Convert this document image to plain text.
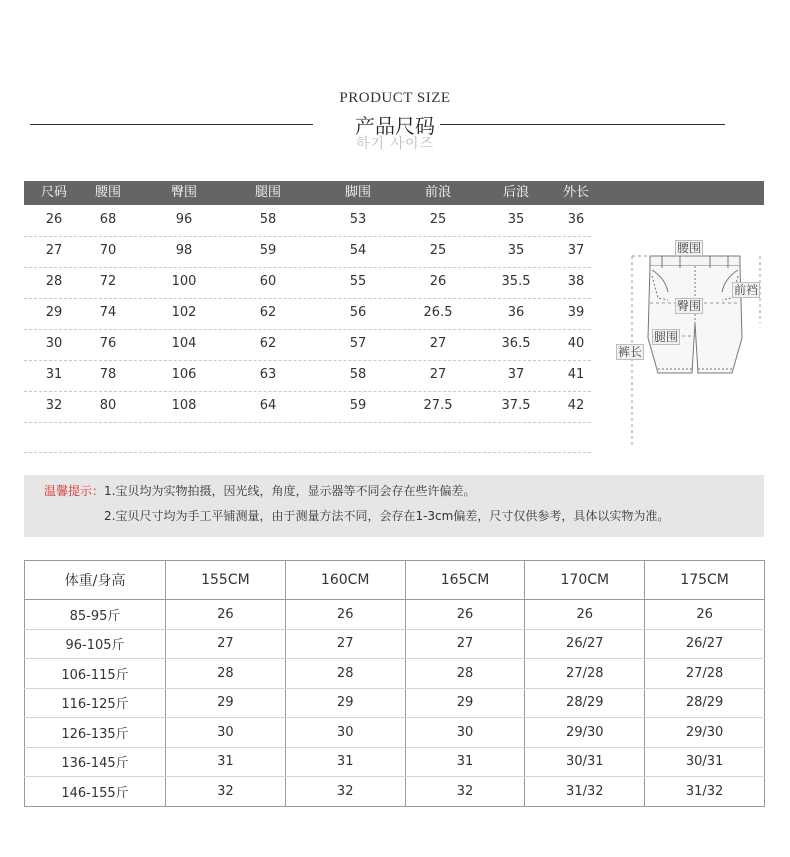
PRODUCT SIZE
产品尺码
하기 사이즈
尺码 腰围	臀围	腿围	脚围	前浪	后浪	外长
26	68	96	58	53	25	35	36
27	70	98	59	54	25	35	37
28	72	100	60	55	26	35.5	38
29	74	102	62	56	26.5	36	39
30	76	104	62	57	27	36.5	40
31	78	106	63	58	27	37	41
32	80	108	64	59	27.5	37.5	42
腰围
前裆
臀围
腿围
裤长
温馨提示：1.宝贝均为实物拍摄，因光线，角度，显示器等不同会存在些许偏差。
2.宝贝尺寸均为手工平铺测量，由于测量方法不同，会存在1-3cm偏差，尺寸仅供参考，具体以实物为准。
体重/身高	155CM	160CM	165CM	170CM	175CM
85-95斤	26	26	26	26	26
96-105斤	27	27	27	26/27	26/27
106-115斤	28	28	28	27/28	27/28
116-125斤	29	29	29	28/29	28/29
126-135斤	30	30	30	29/30	29/30
136-145斤	31	31	31	30/31	30/31
146-155斤	32	32	32	31/32	31/32
